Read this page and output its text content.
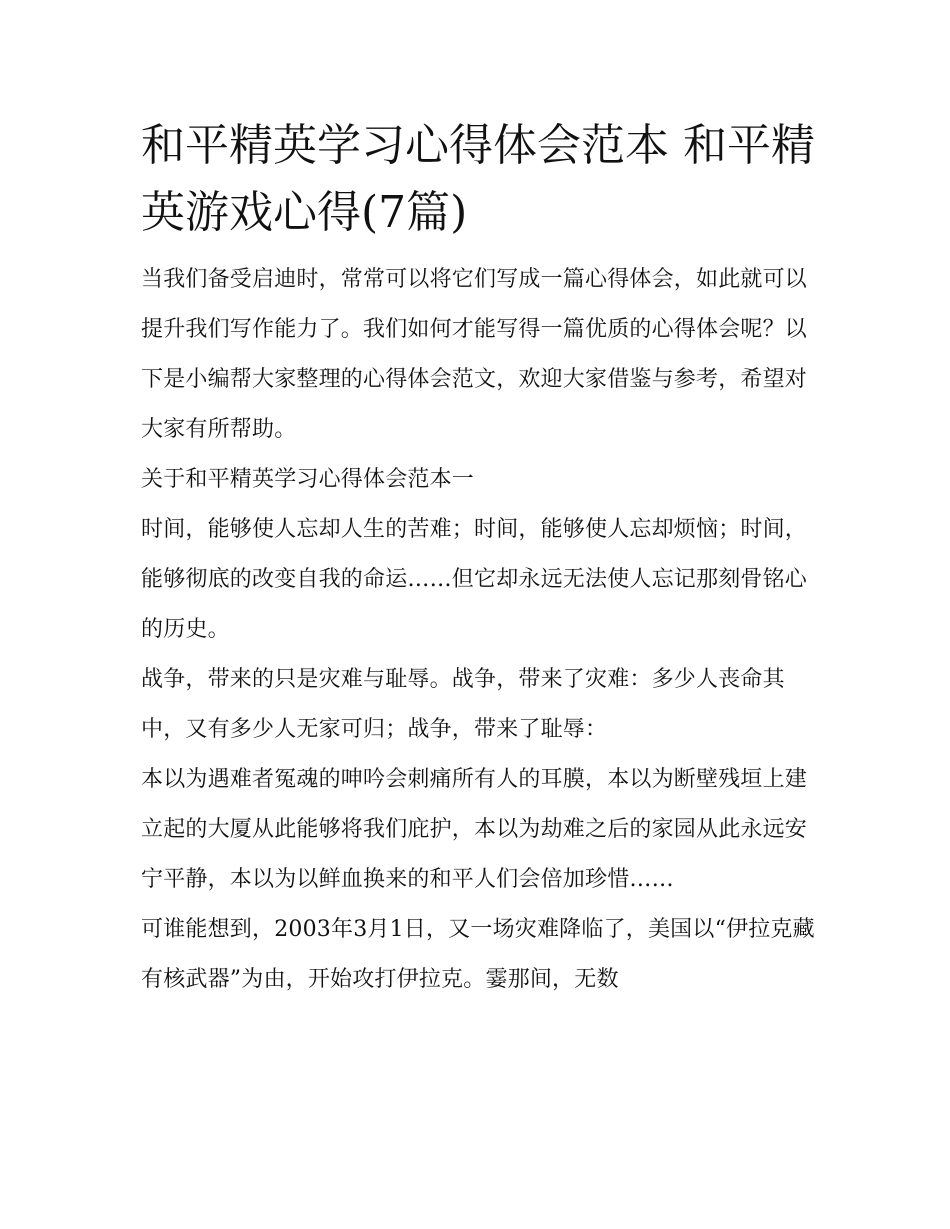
和平精英学习心得体会范本 和平精英游戏心得(7篇)

当我们备受启迪时，常常可以将它们写成一篇心得体会，如此就可以提升我们写作能力了。我们如何才能写得一篇优质的心得体会呢？以下是小编帮大家整理的心得体会范文，欢迎大家借鉴与参考，希望对大家有所帮助。

关于和平精英学习心得体会范本一

时间，能够使人忘却人生的苦难；时间，能够使人忘却烦恼；时间，能够彻底的改变自我的命运……但它却永远无法使人忘记那刻骨铭心的历史。

战争，带来的只是灾难与耻辱。战争，带来了灾难：多少人丧命其中，又有多少人无家可归；战争，带来了耻辱：

本以为遇难者冤魂的呻吟会刺痛所有人的耳膜，本以为断壁残垣上建立起的大厦从此能够将我们庇护，本以为劫难之后的家园从此永远安宁平静，本以为以鲜血换来的和平人们会倍加珍惜……

可谁能想到，2003年3月1日，又一场灾难降临了，美国以“伊拉克藏有核武器”为由，开始攻打伊拉克。霎那间，无数
